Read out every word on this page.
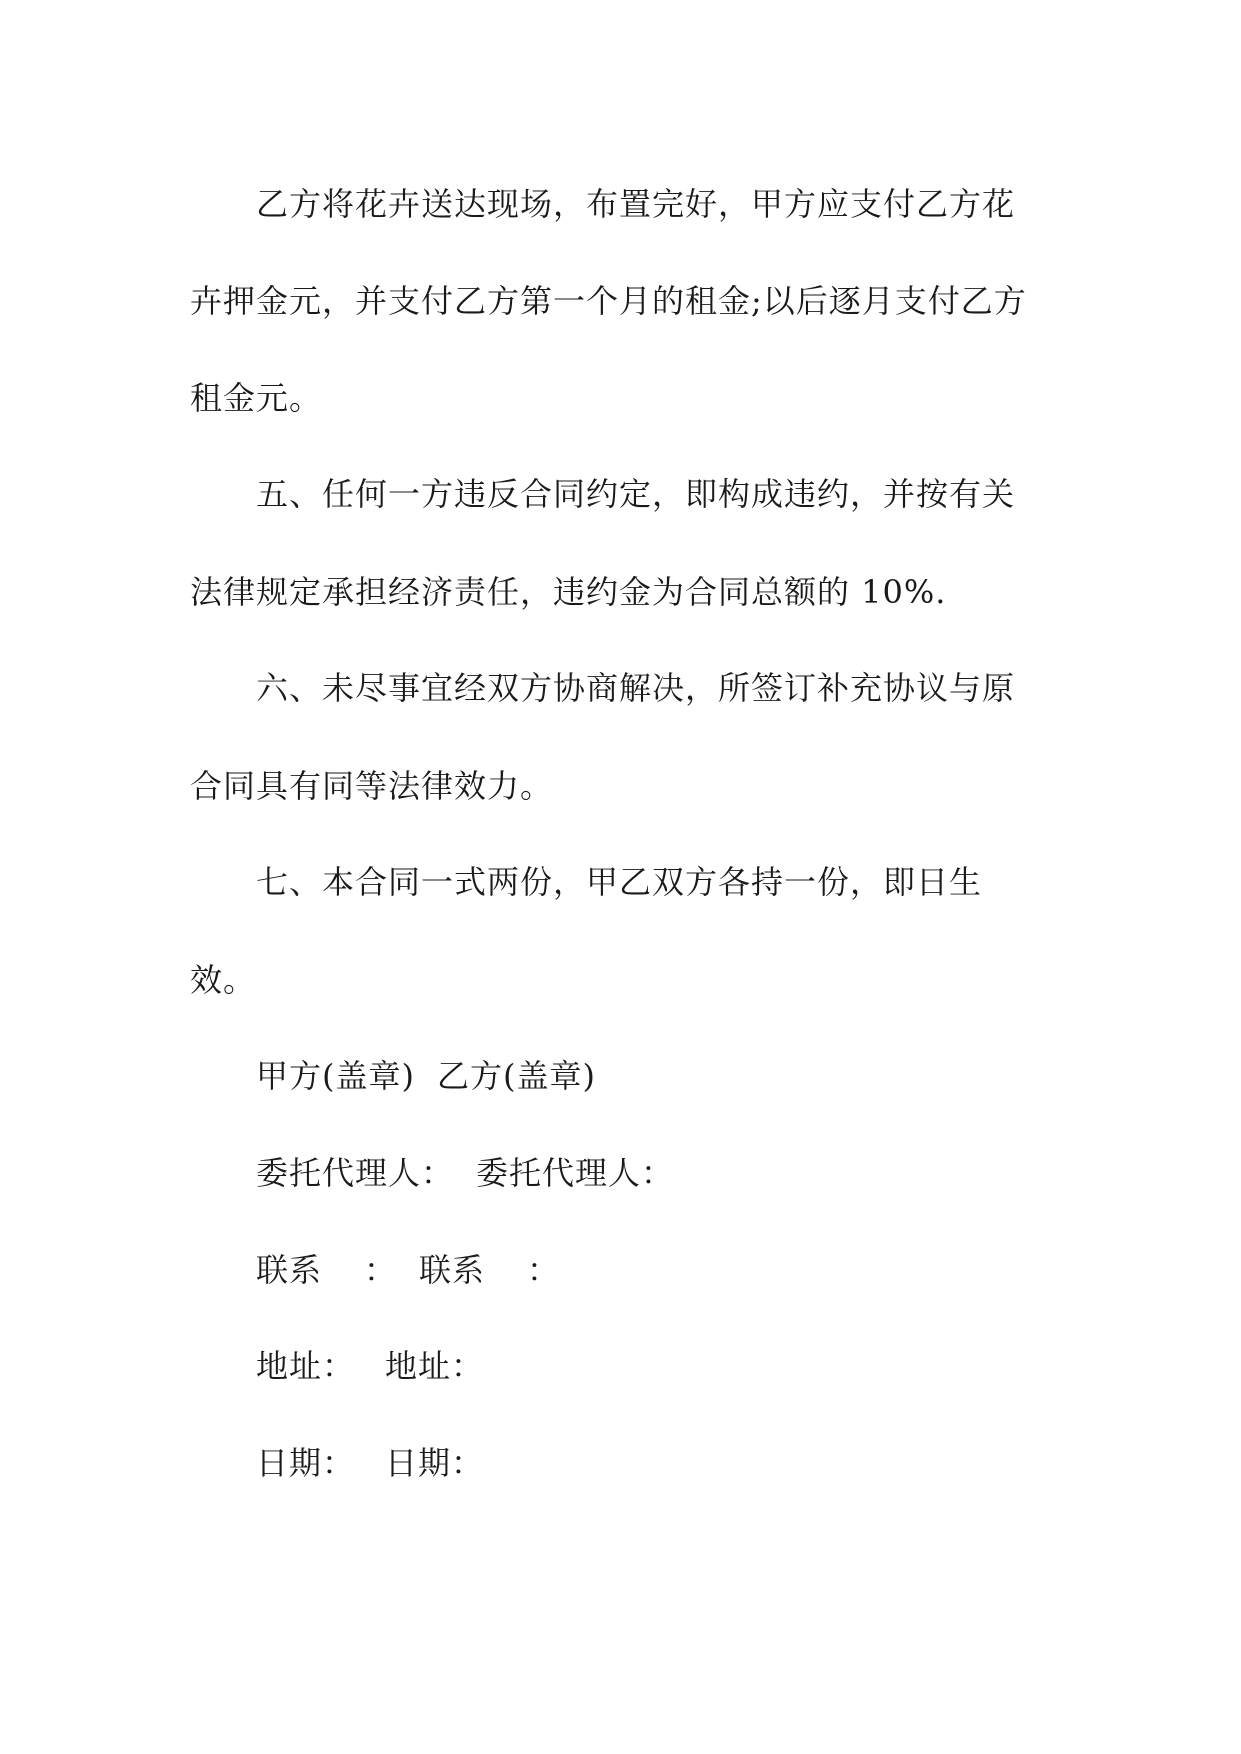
乙方将花卉送达现场，布置完好，甲方应支付乙方花
卉押金元，并支付乙方第一个月的租金;以后逐月支付乙方
租金元。
五、任何一方违反合同约定，即构成违约，并按有关
法律规定承担经济责任，违约金为合同总额的 10%.
六、未尽事宜经双方协商解决，所签订补充协议与原
合同具有同等法律效力。
七、本合同一式两份，甲乙双方各持一份，即日生
效。
甲方(盖章) 乙方(盖章)
委托代理人： 委托代理人：
联系 ： 联系 ：
地址： 地址：
日期： 日期：
